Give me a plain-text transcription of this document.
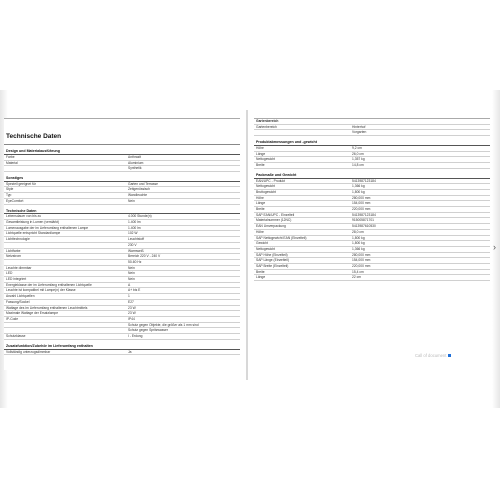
Technische Daten
Design und Materialausführung
Farbe	Anthrazit
Material	Aluminium
Synthetik
Sonstiges
Speziell geeignet für	Garten und Terrasse
Style	Zeitgenössisch
Typ	Wandleuchte
EyeComfort	Nein
Technische Daten
Lebensdauer von bis zu	4.000 Stunde(n)
Gesamtleistung in Lumen (verstärkt)	1.400 lm
Lumenausgabe der im Lieferumfang enthaltenen Lampe	1.400 lm
Lichtquelle entspricht Standardlampe	102 W
Lichttechnologie	Leuchtstoff
230 V
Lichtfarbe	Warmweiß
Netzstrom	Bereich 220 V - 240 V
50-60 Hz
Leuchte dimmbar	Nein
LED	Nein
LED integriert	Nein
Energieklasse der im Lieferumfang enthaltenen Lichtquelle	A
Leuchte ist kompatibel mit Lampe(n) der Klasse	A+ bis E
Anzahl Lichtquellen	1
Fassung/Sockel	E27
Wattage des im Lieferumfang enthaltenen Leuchtmittels	23 W
Maximale Wattage der Ersatzlampe	23 W
IP-Code	IP44
Schutz gegen Objekte, die größer als 1 mm sind
Schutz gegen Spritzwasser
Schutzklasse	I - Erdung
Zusatzfunktion/Zubehör im Lieferumfang enthalten
Vollständig unterzugsdimmbar	Ja
Gartenbereich
Gartenbereich	Hinterhof
Vorgarten
Produktabmessungen und -gewicht
Höhe	9,2 cm
Länge	26,0 cm
Nettogewicht	1,357 kg
Breite	14,8 cm
Packmaße und Gewicht
EAN/UPC - Produkt	5413987123184
Nettogewicht	1,366 kg
Bruttogewicht	1,800 kg
Höhe	280,000 mm
Länge	154,000 mm
Breite	220,000 mm
SAP EAN/UPC - Einzelteil	5413987123184
Materialnummer (12NC)	915005871701
EAN Umverpackung	5413987610530
Höhe	28,0 cm
SAP Nettogewicht EAN (Einzelteil)	1,800 kg
Gewicht	1,800 kg
Nettogewicht	1,366 kg
SAP Höhe (Einzelteil)	280,000 mm
SAP Länge (Einzelteil)	154,000 mm
SAP Breite (Einzelteil)	220,000 mm
Breite	15,4 cm
Länge	22 cm
›
Call of document
